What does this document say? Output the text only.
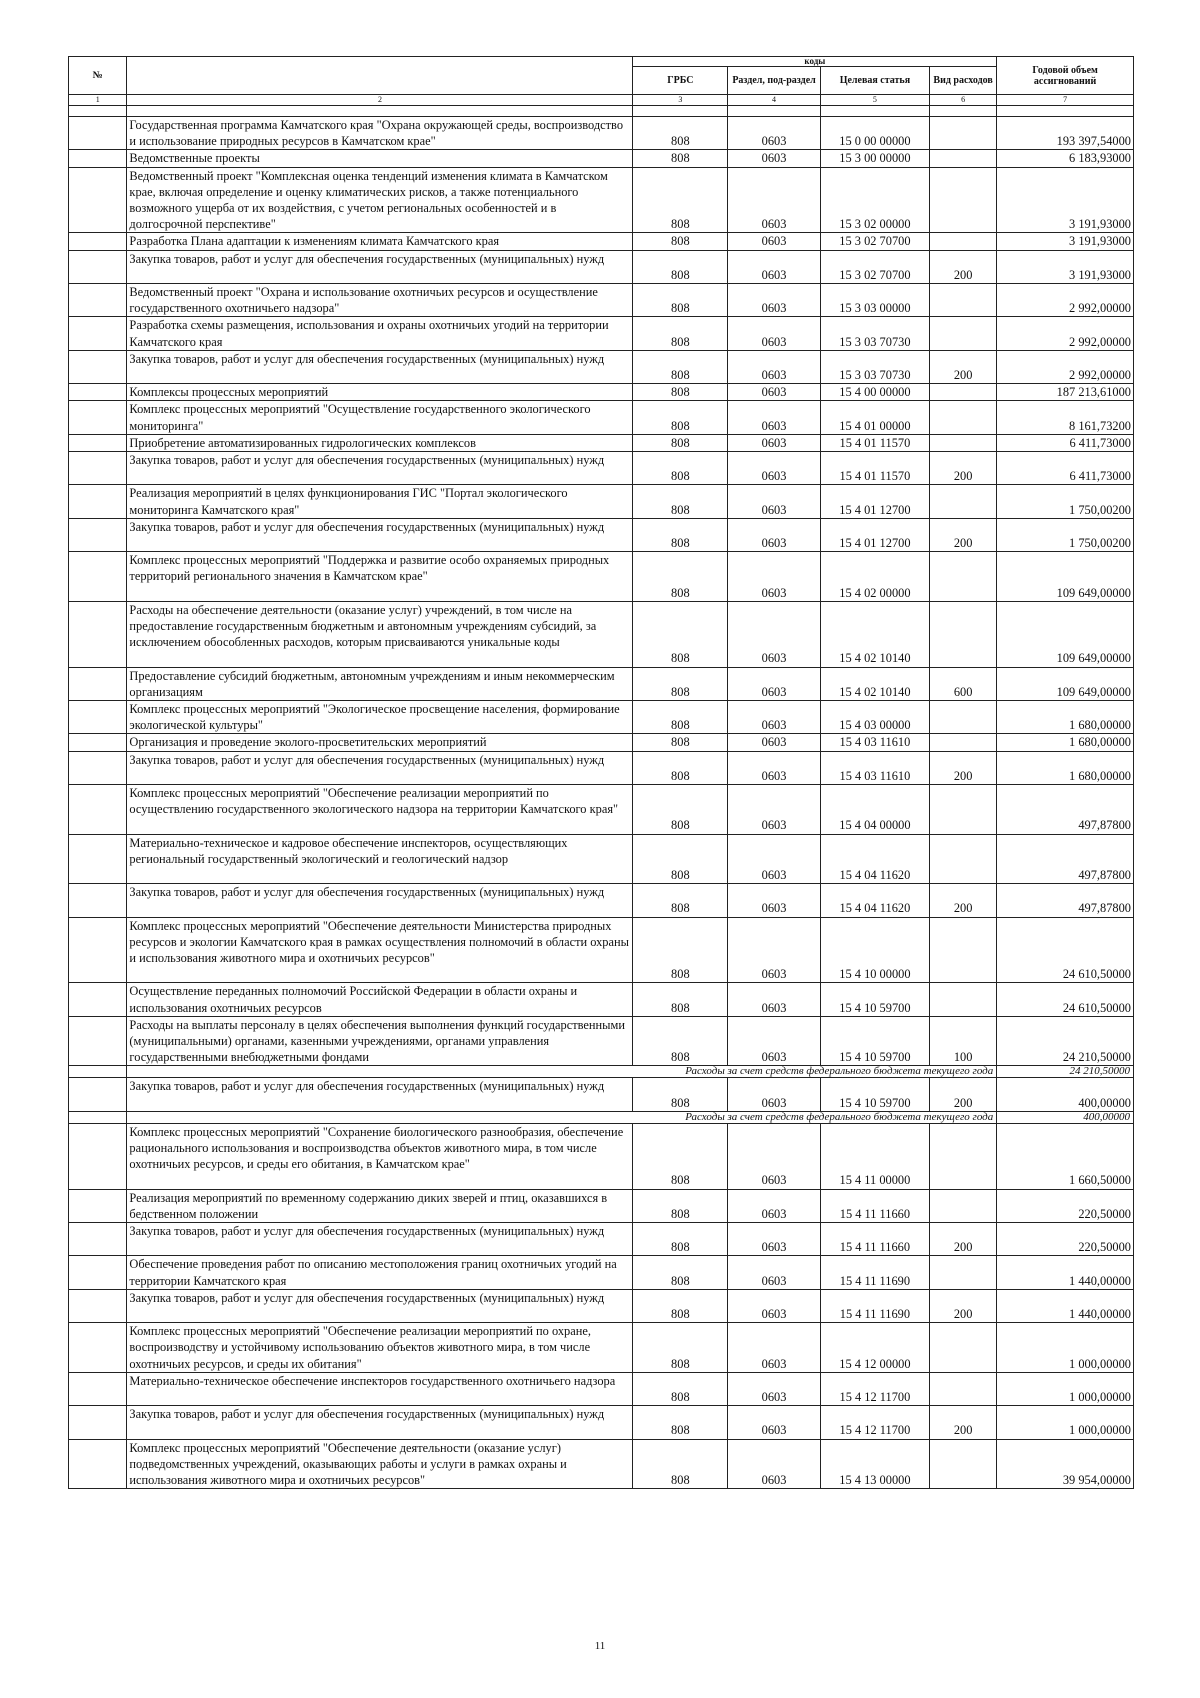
№		коды				Годовой объем ассигнований
		ГРБС	Раздел, под-раздел	Целевая статья	Вид расходов	
1	2	3	4	5	6	7

	Государственная программа Камчатского края "Охрана окружающей среды, воспроизводство и использование природных ресурсов в Камчатском крае"	808	0603	15 0 00 00000		193 397,54000
	Ведомственные проекты	808	0603	15 3 00 00000		6 183,93000
	Ведомственный проект "Комплексная оценка тенденций изменения климата в Камчатском крае, включая определение и оценку климатических рисков, а также потенциального возможного ущерба от их воздействия, с учетом региональных особенностей и в долгосрочной перспективе"	808	0603	15 3 02 00000		3 191,93000
	Разработка Плана адаптации к изменениям климата Камчатского края	808	0603	15 3 02 70700		3 191,93000
	Закупка товаров, работ и услуг для обеспечения государственных (муниципальных) нужд	808	0603	15 3 02 70700	200	3 191,93000
	Ведомственный проект "Охрана и использование охотничьих ресурсов и осуществление государственного охотничьего надзора"	808	0603	15 3 03 00000		2 992,00000
	Разработка схемы размещения, использования и охраны охотничьих угодий на территории Камчатского края	808	0603	15 3 03 70730		2 992,00000
	Закупка товаров, работ и услуг для обеспечения государственных (муниципальных) нужд	808	0603	15 3 03 70730	200	2 992,00000
	Комплексы процессных мероприятий	808	0603	15 4 00 00000		187 213,61000
	Комплекс процессных мероприятий "Осуществление государственного экологического мониторинга"	808	0603	15 4 01 00000		8 161,73200
	Приобретение автоматизированных гидрологических комплексов	808	0603	15 4 01 11570		6 411,73000
	Закупка товаров, работ и услуг для обеспечения государственных (муниципальных) нужд	808	0603	15 4 01 11570	200	6 411,73000
	Реализация мероприятий в целях функционирования ГИС "Портал экологического мониторинга Камчатского края"	808	0603	15 4 01 12700		1 750,00200
	Закупка товаров, работ и услуг для обеспечения государственных (муниципальных) нужд	808	0603	15 4 01 12700	200	1 750,00200
	Комплекс процессных мероприятий "Поддержка и развитие особо охраняемых природных территорий регионального значения в Камчатском крае"	808	0603	15 4 02 00000		109 649,00000
	Расходы на обеспечение деятельности (оказание услуг) учреждений, в том числе на предоставление государственным бюджетным и автономным учреждениям субсидий, за исключением обособленных расходов, которым присваиваются уникальные коды	808	0603	15 4 02 10140		109 649,00000
	Предоставление субсидий бюджетным, автономным учреждениям и иным некоммерческим организациям	808	0603	15 4 02 10140	600	109 649,00000
	Комплекс процессных мероприятий "Экологическое просвещение населения, формирование экологической культуры"	808	0603	15 4 03 00000		1 680,00000
	Организация и проведение эколого-просветительских мероприятий	808	0603	15 4 03 11610		1 680,00000
	Закупка товаров, работ и услуг для обеспечения государственных (муниципальных) нужд	808	0603	15 4 03 11610	200	1 680,00000
	Комплекс процессных мероприятий "Обеспечение реализации мероприятий по осуществлению государственного экологического надзора на территории Камчатского края"	808	0603	15 4 04 00000		497,87800
	Материально-техническое и кадровое обеспечение инспекторов, осуществляющих региональный государственный экологический и геологический надзор	808	0603	15 4 04 11620		497,87800
	Закупка товаров, работ и услуг для обеспечения государственных (муниципальных) нужд	808	0603	15 4 04 11620	200	497,87800
	Комплекс процессных мероприятий "Обеспечение деятельности Министерства природных ресурсов и экологии Камчатского края в рамках осуществления полномочий в области охраны и использования животного мира и охотничьих ресурсов"	808	0603	15 4 10 00000		24 610,50000
	Осуществление переданных полномочий Российской Федерации в области охраны и использования охотничьих ресурсов	808	0603	15 4 10 59700		24 610,50000
	Расходы на выплаты персоналу в целях обеспечения выполнения функций государственными (муниципальными) органами, казенными учреждениями, органами управления государственными внебюджетными фондами	808	0603	15 4 10 59700	100	24 210,50000
	Расходы за счет средств федерального бюджета текущего года					24 210,50000
	Закупка товаров, работ и услуг для обеспечения государственных (муниципальных) нужд	808	0603	15 4 10 59700	200	400,00000
	Расходы за счет средств федерального бюджета текущего года					400,00000
	Комплекс процессных мероприятий "Сохранение биологического разнообразия, обеспечение рационального использования и воспроизводства объектов животного мира, в том числе охотничьих ресурсов, и среды его обитания, в Камчатском крае"	808	0603	15 4 11 00000		1 660,50000
	Реализация мероприятий по временному содержанию диких зверей и птиц, оказавшихся в бедственном положении	808	0603	15 4 11 11660		220,50000
	Закупка товаров, работ и услуг для обеспечения государственных (муниципальных) нужд	808	0603	15 4 11 11660	200	220,50000
	Обеспечение проведения работ по описанию местоположения границ охотничьих угодий на территории Камчатского края	808	0603	15 4 11 11690		1 440,00000
	Закупка товаров, работ и услуг для обеспечения государственных (муниципальных) нужд	808	0603	15 4 11 11690	200	1 440,00000
	Комплекс процессных мероприятий "Обеспечение реализации мероприятий по охране, воспроизводству и устойчивому использованию объектов животного мира, в том числе охотничьих ресурсов, и среды их обитания"	808	0603	15 4 12 00000		1 000,00000
	Материально-техническое обеспечение инспекторов государственного охотничьего надзора	808	0603	15 4 12 11700		1 000,00000
	Закупка товаров, работ и услуг для обеспечения государственных (муниципальных) нужд	808	0603	15 4 12 11700	200	1 000,00000
	Комплекс процессных мероприятий "Обеспечение деятельности (оказание услуг) подведомственных учреждений, оказывающих работы и услуги в рамках охраны и использования животного мира и охотничьих ресурсов"	808	0603	15 4 13 00000		39 954,00000
11
